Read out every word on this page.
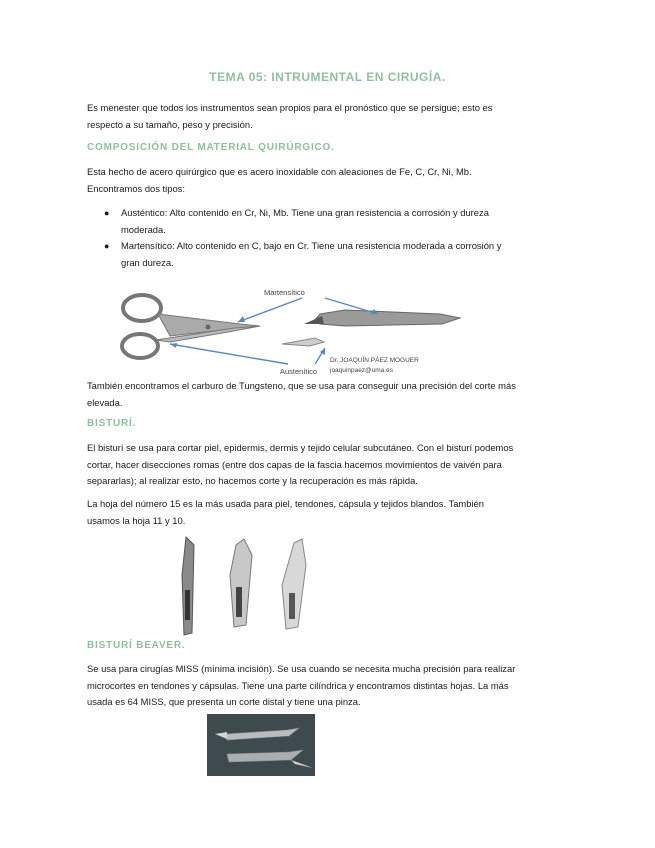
TEMA 05: INTRUMENTAL EN CIRUGÍA.
Es menester que todos los instrumentos sean propios para el pronóstico que se persigue; esto es respecto a su tamaño, peso y precisión.
COMPOSICIÓN DEL MATERIAL QUIRÚRGICO.
Esta hecho de acero quirúrgico que es acero inoxidable con aleaciones de Fe, C, Cr, Ni, Mb. Encontramos dos tipos:
● Austéntico: Alto contenido en Cr, Ni, Mb. Tiene una gran resistencia a corrosión y dureza moderada.
● Martensítico: Alto contenido en C, bajo en Cr. Tiene una resistencia moderada a corrosión y gran dureza.
Martensítico
Austenítico
Dr. JOAQUÍN PÁEZ MOGUER
joaquinpaez@uma.es
También encontramos el carburo de Tungsteno, que se usa para conseguir una precisión del corte más elevada.
BISTURÍ.
El bisturí se usa para cortar piel, epidermis, dermis y tejido celular subcutáneo. Con el bisturí podemos cortar, hacer disecciones romas (entre dos capas de la fascia hacemos movimientos de vaivén para separarlas); al realizar esto, no hacemos corte y la recuperación es más rápida.
La hoja del número 15 es la más usada para piel, tendones, cápsula y tejidos blandos. También usamos la hoja 11 y 10.
BISTURÍ BEAVER.
Se usa para cirugías MISS (mínima incisión). Se usa cuando se necesita mucha precisión para realizar microcortes en tendones y cápsulas. Tiene una parte cilíndrica y encontramos distintas hojas. La más usada es 64 MISS, que presenta un corte distal y tiene una pinza.
